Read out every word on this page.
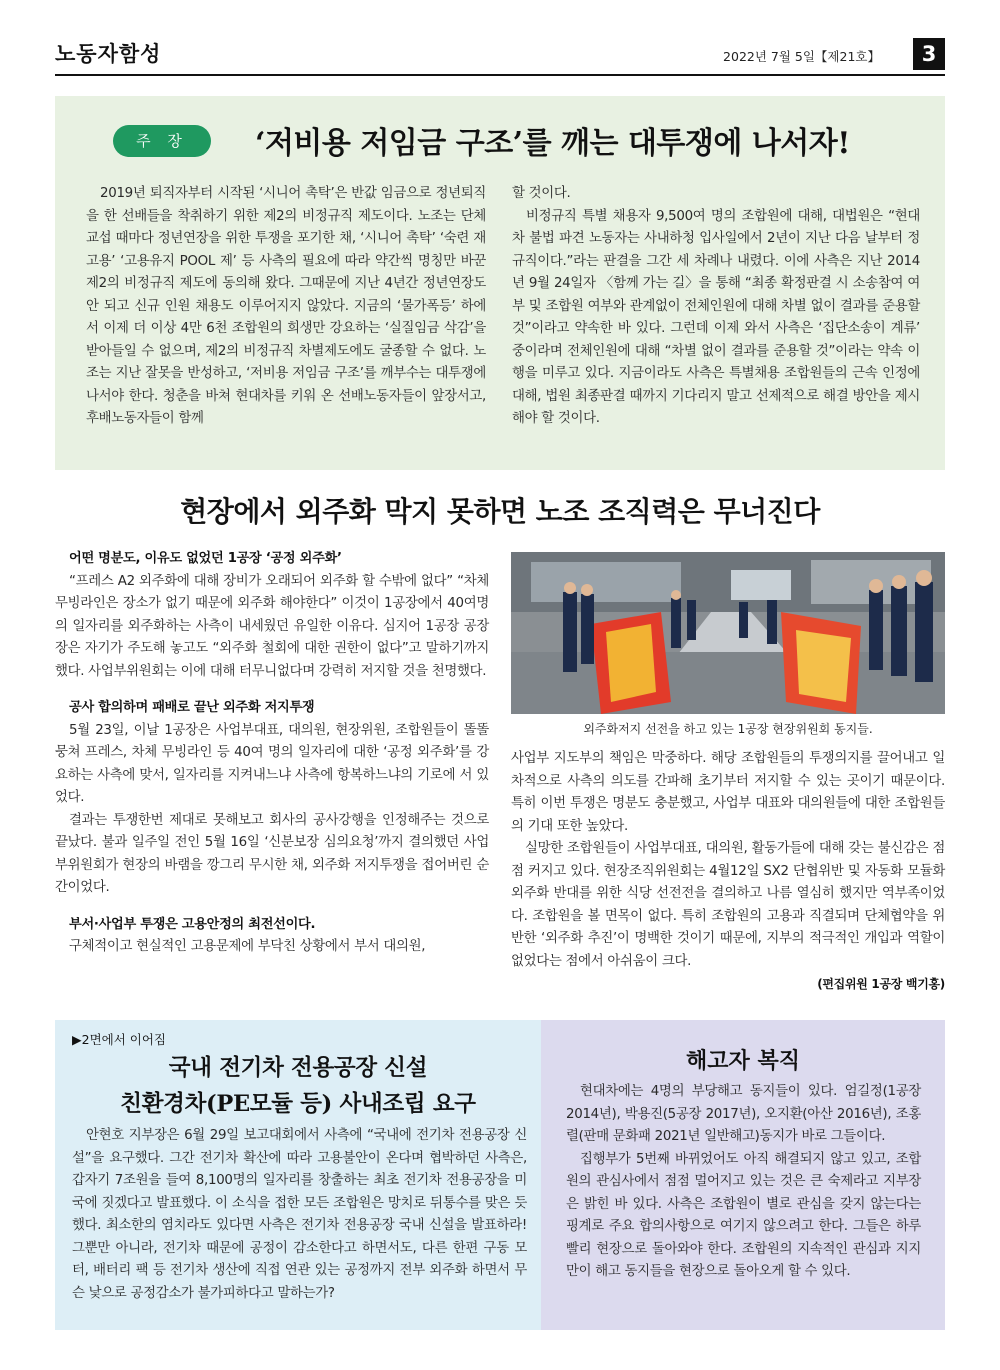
노동자함성	2022년 7월 5일【제21호】	3
주 장	‘저비용 저임금 구조’를 깨는 대투쟁에 나서자!

2019년 퇴직자부터 시작된 ‘시니어 촉탁’은 반값 임금으로 정년퇴직을 한 선배들을 착취하기 위한 제2의 비정규직 제도이다. 노조는 단체교섭 때마다 정년연장을 위한 투쟁을 포기한 채, ‘시니어 촉탁’ ‘숙련 재고용’ ‘고용유지 POOL 제’ 등 사측의 필요에 따라 약간씩 명칭만 바꾼 제2의 비정규직 제도에 동의해 왔다. 그때문에 지난 4년간 정년연장도 안 되고 신규 인원 채용도 이루어지지 않았다. 지금의 ‘물가폭등’ 하에서 이제 더 이상 4만 6천 조합원의 희생만 강요하는 ‘실질임금 삭감’을 받아들일 수 없으며, 제2의 비정규직 차별제도에도 굴종할 수 없다. 노조는 지난 잘못을 반성하고, ‘저비용 저임금 구조’를 깨부수는 대투쟁에 나서야 한다. 청춘을 바쳐 현대차를 키워 온 선배노동자들이 앞장서고, 후배노동자들이 함께

할 것이다.

비정규직 특별 채용자 9,500여 명의 조합원에 대해, 대법원은 “현대차 불법 파견 노동자는 사내하청 입사일에서 2년이 지난 다음 날부터 정규직이다.”라는 판결을 그간 세 차례나 내렸다. 이에 사측은 지난 2014년 9월 24일자 〈함께 가는 길〉을 통해 “최종 확정판결 시 소송참여 여부 및 조합원 여부와 관계없이 전체인원에 대해 차별 없이 결과를 준용할 것”이라고 약속한 바 있다. 그런데 이제 와서 사측은 ‘집단소송이 계류’ 중이라며 전체인원에 대해 “차별 없이 결과를 준용할 것”이라는 약속 이행을 미루고 있다. 지금이라도 사측은 특별채용 조합원들의 근속 인정에 대해, 법원 최종판결 때까지 기다리지 말고 선제적으로 해결 방안을 제시해야 할 것이다.

현장에서 외주화 막지 못하면 노조 조직력은 무너진다
어떤 명분도, 이유도 없었던 1공장 ‘공정 외주화’

“프레스 A2 외주화에 대해 장비가 오래되어 외주화 할 수밖에 없다” “차체 무빙라인은 장소가 없기 때문에 외주화 해야한다” 이것이 1공장에서 40여명의 일자리를 외주화하는 사측이 내세웠던 유일한 이유다. 심지어 1공장 공장장은 자기가 주도해 놓고도 “외주화 철회에 대한 권한이 없다”고 말하기까지 했다. 사업부위원회는 이에 대해 터무니없다며 강력히 저지할 것을 천명했다.

공사 합의하며 패배로 끝난 외주화 저지투쟁

5월 23일, 이날 1공장은 사업부대표, 대의원, 현장위원, 조합원들이 똘똘 뭉쳐 프레스, 차체 무빙라인 등 40여 명의 일자리에 대한 ‘공정 외주화’를 강요하는 사측에 맞서, 일자리를 지켜내느냐 사측에 항복하느냐의 기로에 서 있었다.

결과는 투쟁한번 제대로 못해보고 회사의 공사강행을 인정해주는 것으로 끝났다. 불과 일주일 전인 5월 16일 ‘신분보장 심의요청’까지 결의했던 사업부위원회가 현장의 바램을 깡그리 무시한 채, 외주화 저지투쟁을 접어버린 순간이었다.

부서·사업부 투쟁은 고용안정의 최전선이다.

구체적이고 현실적인 고용문제에 부닥친 상황에서 부서 대의원,

외주화저지 선전을 하고 있는 1공장 현장위원회 동지들.

사업부 지도부의 책임은 막중하다. 해당 조합원들의 투쟁의지를 끌어내고 일차적으로 사측의 의도를 간파해 초기부터 저지할 수 있는 곳이기 때문이다. 특히 이번 투쟁은 명분도 충분했고, 사업부 대표와 대의원들에 대한 조합원들의 기대 또한 높았다.

실망한 조합원들이 사업부대표, 대의원, 활동가들에 대해 갖는 불신감은 점점 커지고 있다. 현장조직위원회는 4월12일 SX2 단협위반 및 자동화 모듈화 외주화 반대를 위한 식당 선전전을 결의하고 나름 열심히 했지만 역부족이었다. 조합원을 볼 면목이 없다. 특히 조합원의 고용과 직결되며 단체협약을 위반한 ‘외주화 추진’이 명백한 것이기 때문에, 지부의 적극적인 개입과 역할이 없었다는 점에서 아쉬움이 크다.

(편집위원 1공장 백기홍)
▶2면에서 이어짐
국내 전기차 전용공장 신설
친환경차(PE모듈 등) 사내조립 요구

안현호 지부장은 6월 29일 보고대회에서 사측에 “국내에 전기차 전용공장 신설”을 요구했다. 그간 전기차 확산에 따라 고용불안이 온다며 협박하던 사측은, 갑자기 7조원을 들여 8,100명의 일자리를 창출하는 최초 전기차 전용공장을 미국에 짓겠다고 발표했다. 이 소식을 접한 모든 조합원은 망치로 뒤통수를 맞은 듯 했다. 최소한의 염치라도 있다면 사측은 전기차 전용공장 국내 신설을 발표하라! 그뿐만 아니라, 전기차 때문에 공정이 감소한다고 하면서도, 다른 한편 구동 모터, 배터리 팩 등 전기차 생산에 직접 연관 있는 공정까지 전부 외주화 하면서 무슨 낯으로 공정감소가 불가피하다고 말하는가?

해고자 복직

현대차에는 4명의 부당해고 동지들이 있다. 엄길정(1공장 2014년), 박용진(5공장 2017년), 오지환(아산 2016년), 조홍렬(판매 문화패 2021년 일반해고)동지가 바로 그들이다.

집행부가 5번째 바뀌었어도 아직 해결되지 않고 있고, 조합원의 관심사에서 점점 멀어지고 있는 것은 큰 숙제라고 지부장은 밝힌 바 있다. 사측은 조합원이 별로 관심을 갖지 않는다는 핑계로 주요 합의사항으로 여기지 않으려고 한다. 그들은 하루빨리 현장으로 돌아와야 한다. 조합원의 지속적인 관심과 지지만이 해고 동지들을 현장으로 돌아오게 할 수 있다.
